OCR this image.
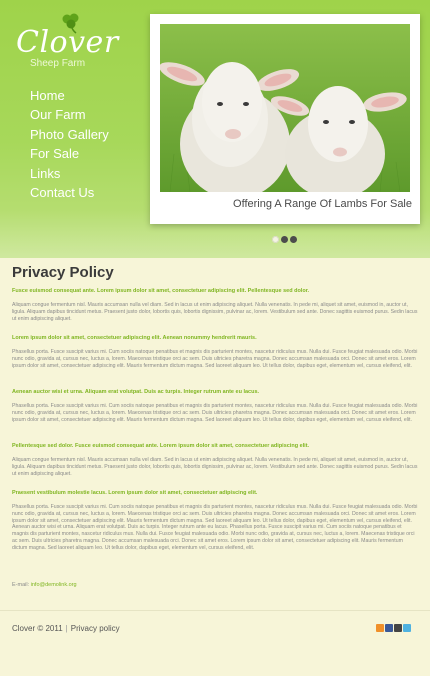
Clover
Sheep Farm
Home
Our Farm
Photo Gallery
For Sale
Links
Contact Us
Offering A Range Of Lambs For Sale
Privacy Policy
Fusce euismod consequat ante. Lorem ipsum dolor sit amet, consectetuer adipiscing elit. Pellentesque sed dolor.
Aliquam congue fermentum nisl. Mauris accumsan nulla vel diam. Sed in lacus ut enim adipiscing aliquet. Nulla venenatis. In pede mi, aliquet sit amet, euismod in, auctor ut, ligula. Aliquam dapibus tincidunt metus. Praesent justo dolor, lobortis quis, lobortis dignissim, pulvinar ac, lorem. Vestibulum sed ante. Donec sagittis euismod purus. Sedin lacus ut enim adipiscing aliquet.
Lorem ipsum dolor sit amet, consectetuer adipiscing elit. Aenean nonummy hendrerit mauris.
Phasellus porta. Fusce suscipit varius mi. Cum sociis natoque penatibus et magnis dis parturient montes, nascetur ridiculus mus. Nulla dui. Fusce feugiat malesuada odio. Morbi nunc odio, gravida at, cursus nec, luctus a, lorem. Maecenas tristique orci ac sem. Duis ultricies pharetra magna. Donec accumsan malesuada orci. Donec sit amet eros. Lorem ipsum dolor sit amet, consectetuer adipiscing elit. Mauris fermentum dictum magna. Sed laoreet aliquam leo. Ut tellus dolor, dapibus eget, elementum vel, cursus eleifend, elit.
Aenean auctor wisi et urna. Aliquam erat volutpat. Duis ac turpis. Integer rutrum ante eu lacus.
Phasellus porta. Fusce suscipit varius mi. Cum sociis natoque penatibus et magnis dis parturient montes, nascetur ridiculus mus. Nulla dui. Fusce feugiat malesuada odio. Morbi nunc odio, gravida at, cursus nec, luctus a, lorem. Maecenas tristique orci ac sem. Duis ultricies pharetra magna. Donec accumsan malesuada orci. Donec sit amet eros. Lorem ipsum dolor sit amet, consectetuer adipiscing elit. Mauris fermentum dictum magna. Sed laoreet aliquam leo. Ut tellus dolor, dapibus eget, elementum vel, cursus eleifend, elit.
Pellentesque sed dolor. Fusce euismod consequat ante. Lorem ipsum dolor sit amet, consectetuer adipiscing elit.
Aliquam congue fermentum nisl. Mauris accumsan nulla vel diam. Sed in lacus ut enim adipiscing aliquet. Nulla venenatis. In pede mi, aliquet sit amet, euismod in, auctor ut, ligula. Aliquam dapibus tincidunt metus. Praesent justo dolor, lobortis quis, lobortis dignissim, pulvinar ac, lorem. Vestibulum sed ante. Donec sagittis euismod purus. Sedin lacus ut enim adipiscing aliquet.
Praesent vestibulum molestie lacus. Lorem ipsum dolor sit amet, consectetuer adipiscing elit.
Phasellus porta. Fusce suscipit varius mi. Cum sociis natoque penatibus et magnis dis parturient montes, nascetur ridiculus mus. Nulla dui. Fusce feugiat malesuada odio. Morbi nunc odio, gravida at, cursus nec, luctus a, lorem. Maecenas tristique orci ac sem. Duis ultricies pharetra magna. Donec accumsan malesuada orci. Donec sit amet eros. Lorem ipsum dolor sit amet, consectetuer adipiscing elit. Mauris fermentum dictum magna. Sed laoreet aliquam leo. Ut tellus dolor, dapibus eget, elementum vel, cursus eleifend, elit. Aenean auctor wisi et urna. Aliquam erat volutpat. Duis ac turpis. Integer rutrum ante eu lacus. Phasellus porta. Fusce suscipit varius mi. Cum sociis natoque penatibus et magnis dis parturient montes, nascetur ridiculus mus. Nulla dui. Fusce feugiat malesuada odio. Morbi nunc odio, gravida at, cursus nec, luctus a, lorem. Maecenas tristique orci ac sem. Duis ultricies pharetra magna. Donec accumsan malesuada orci. Donec sit amet eros. Lorem ipsum dolor sit amet, consectetuer adipiscing elit. Mauris fermentum dictum magna. Sed laoreet aliquam leo. Ut tellus dolor, dapibus eget, elementum vel, cursus eleifend, elit.
E-mail: info@demolink.org
Clover © 2011 | Privacy policy
